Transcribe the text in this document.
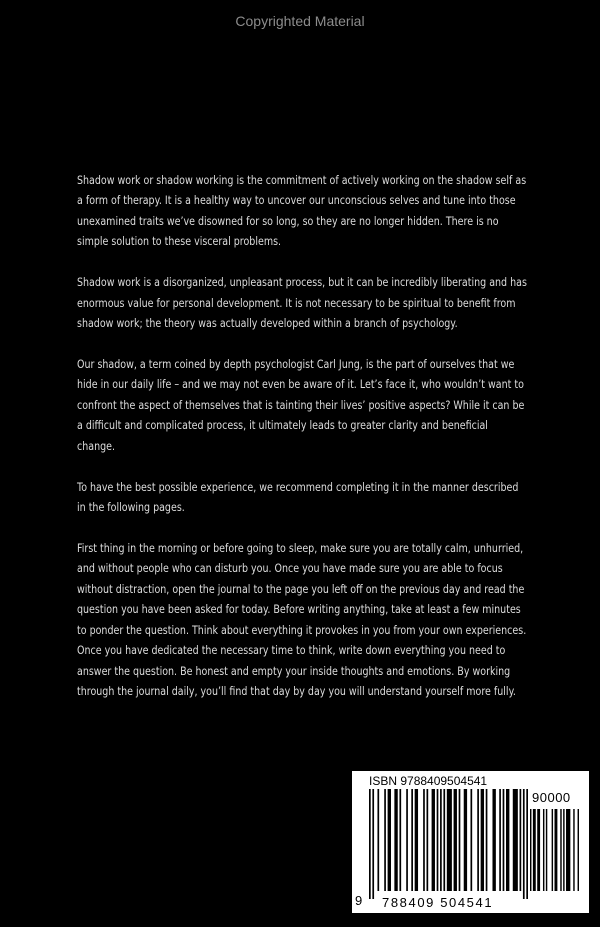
Copyrighted Material

Shadow work or shadow working is the commitment of actively working on the shadow self as a form of therapy. It is a healthy way to uncover our unconscious selves and tune into those unexamined traits we’ve disowned for so long, so they are no longer hidden. There is no simple solution to these visceral problems.

Shadow work is a disorganized, unpleasant process, but it can be incredibly liberating and has enormous value for personal development. It is not necessary to be spiritual to benefit from shadow work; the theory was actually developed within a branch of psychology.

Our shadow, a term coined by depth psychologist Carl Jung, is the part of ourselves that we hide in our daily life – and we may not even be aware of it. Let’s face it, who wouldn’t want to confront the aspect of themselves that is tainting their lives’ positive aspects? While it can be a difficult and complicated process, it ultimately leads to greater clarity and beneficial change.

To have the best possible experience, we recommend completing it in the manner described in the following pages.

First thing in the morning or before going to sleep, make sure you are totally calm, unhurried, and without people who can disturb you. Once you have made sure you are able to focus without distraction, open the journal to the page you left off on the previous day and read the question you have been asked for today. Before writing anything, take at least a few minutes to ponder the question. Think about everything it provokes in you from your own experiences. Once you have dedicated the necessary time to think, write down everything you need to answer the question. Be honest and empty your inside thoughts and emotions. By working through the journal daily, you’ll find that day by day you will understand yourself more fully.

ISBN 9788409504541
90000
9 788409 504541
